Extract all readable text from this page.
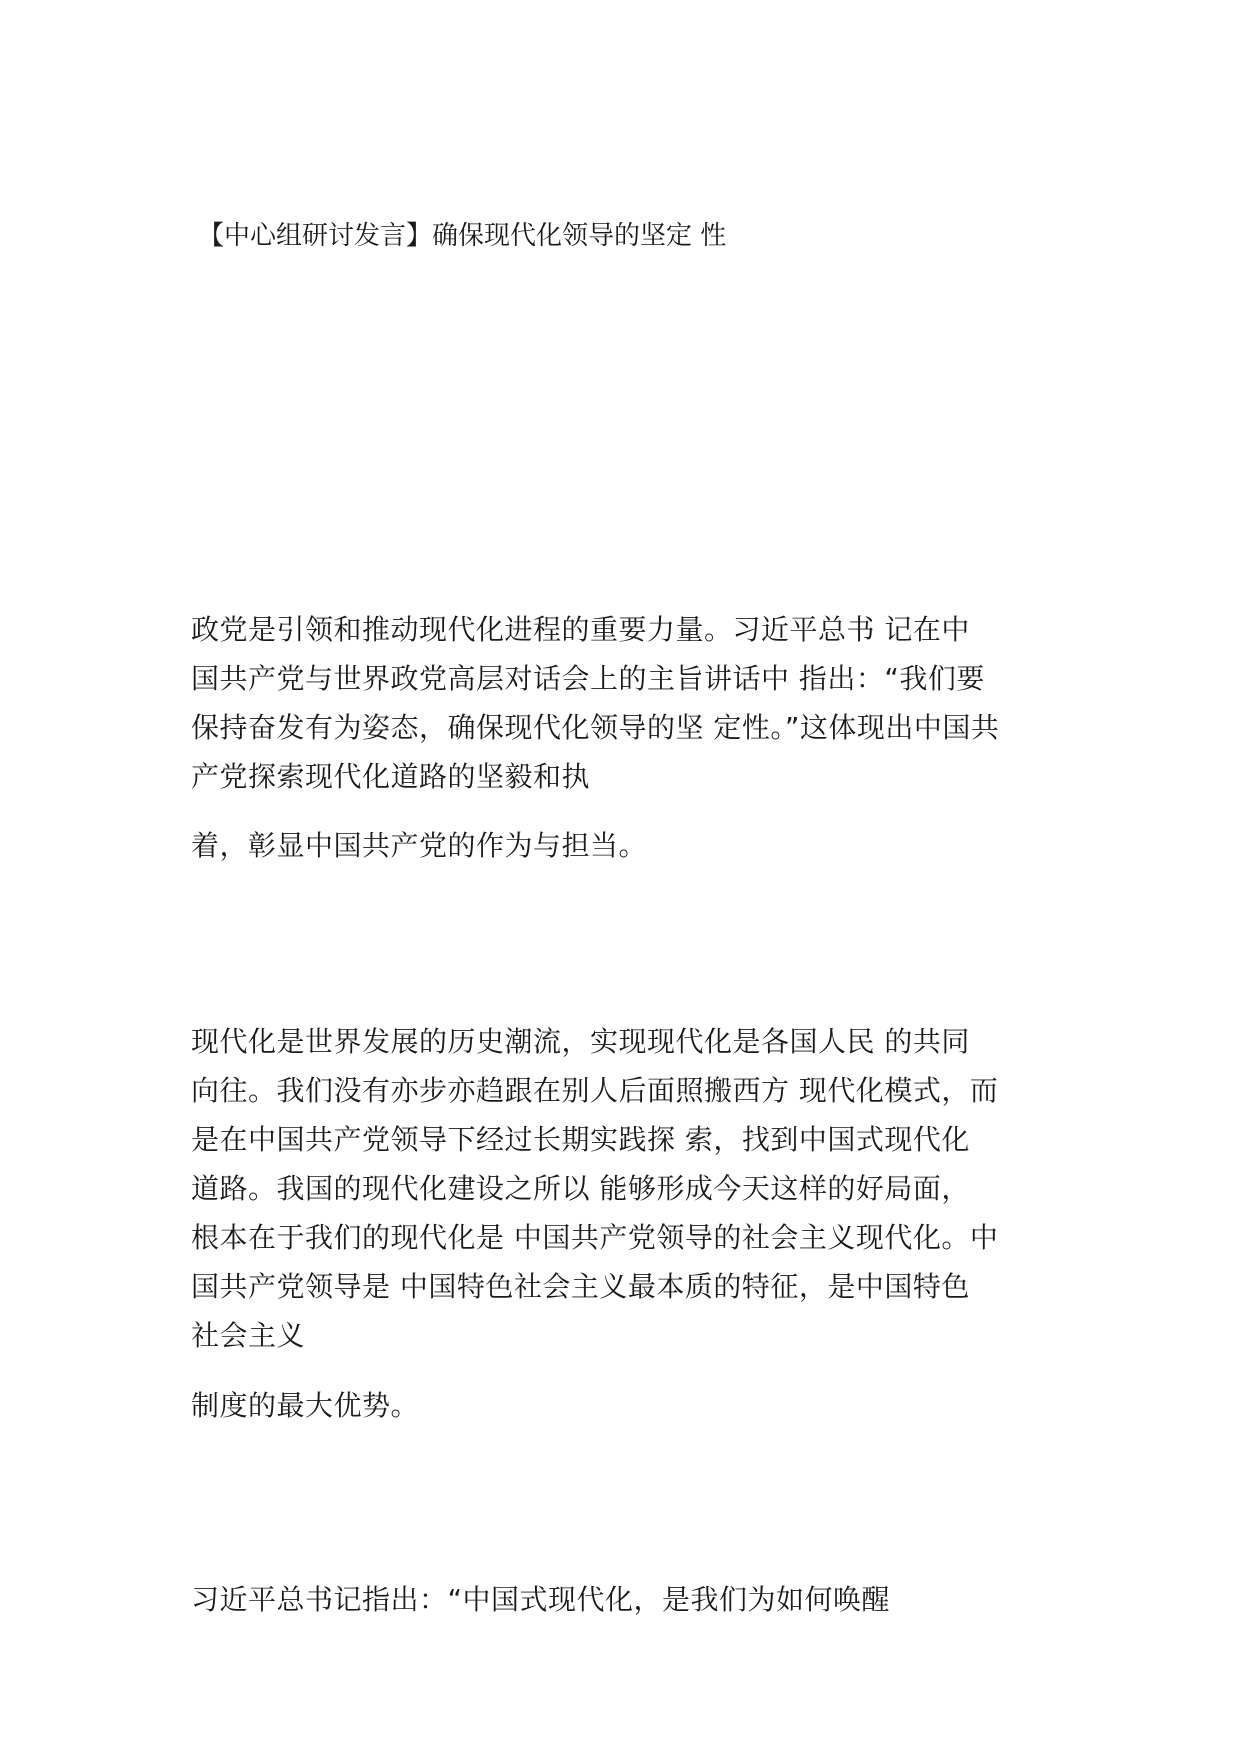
【中心组研讨发言】确保现代化领导的坚定 性
政党是引领和推动现代化进程的重要力量。习近平总书 记在中
国共产党与世界政党高层对话会上的主旨讲话中 指出：“我们要
保持奋发有为姿态，确保现代化领导的坚 定性。”这体现出中国共
产党探索现代化道路的坚毅和执
着，彰显中国共产党的作为与担当。
现代化是世界发展的历史潮流，实现现代化是各国人民 的共同
向往。我们没有亦步亦趋跟在别人后面照搬西方 现代化模式，而
是在中国共产党领导下经过长期实践探 索，找到中国式现代化
道路。我国的现代化建设之所以 能够形成今天这样的好局面，
根本在于我们的现代化是 中国共产党领导的社会主义现代化。中
国共产党领导是 中国特色社会主义最本质的特征，是中国特色
社会主义
制度的最大优势。
习近平总书记指出：“中国式现代化，是我们为如何唤醒
